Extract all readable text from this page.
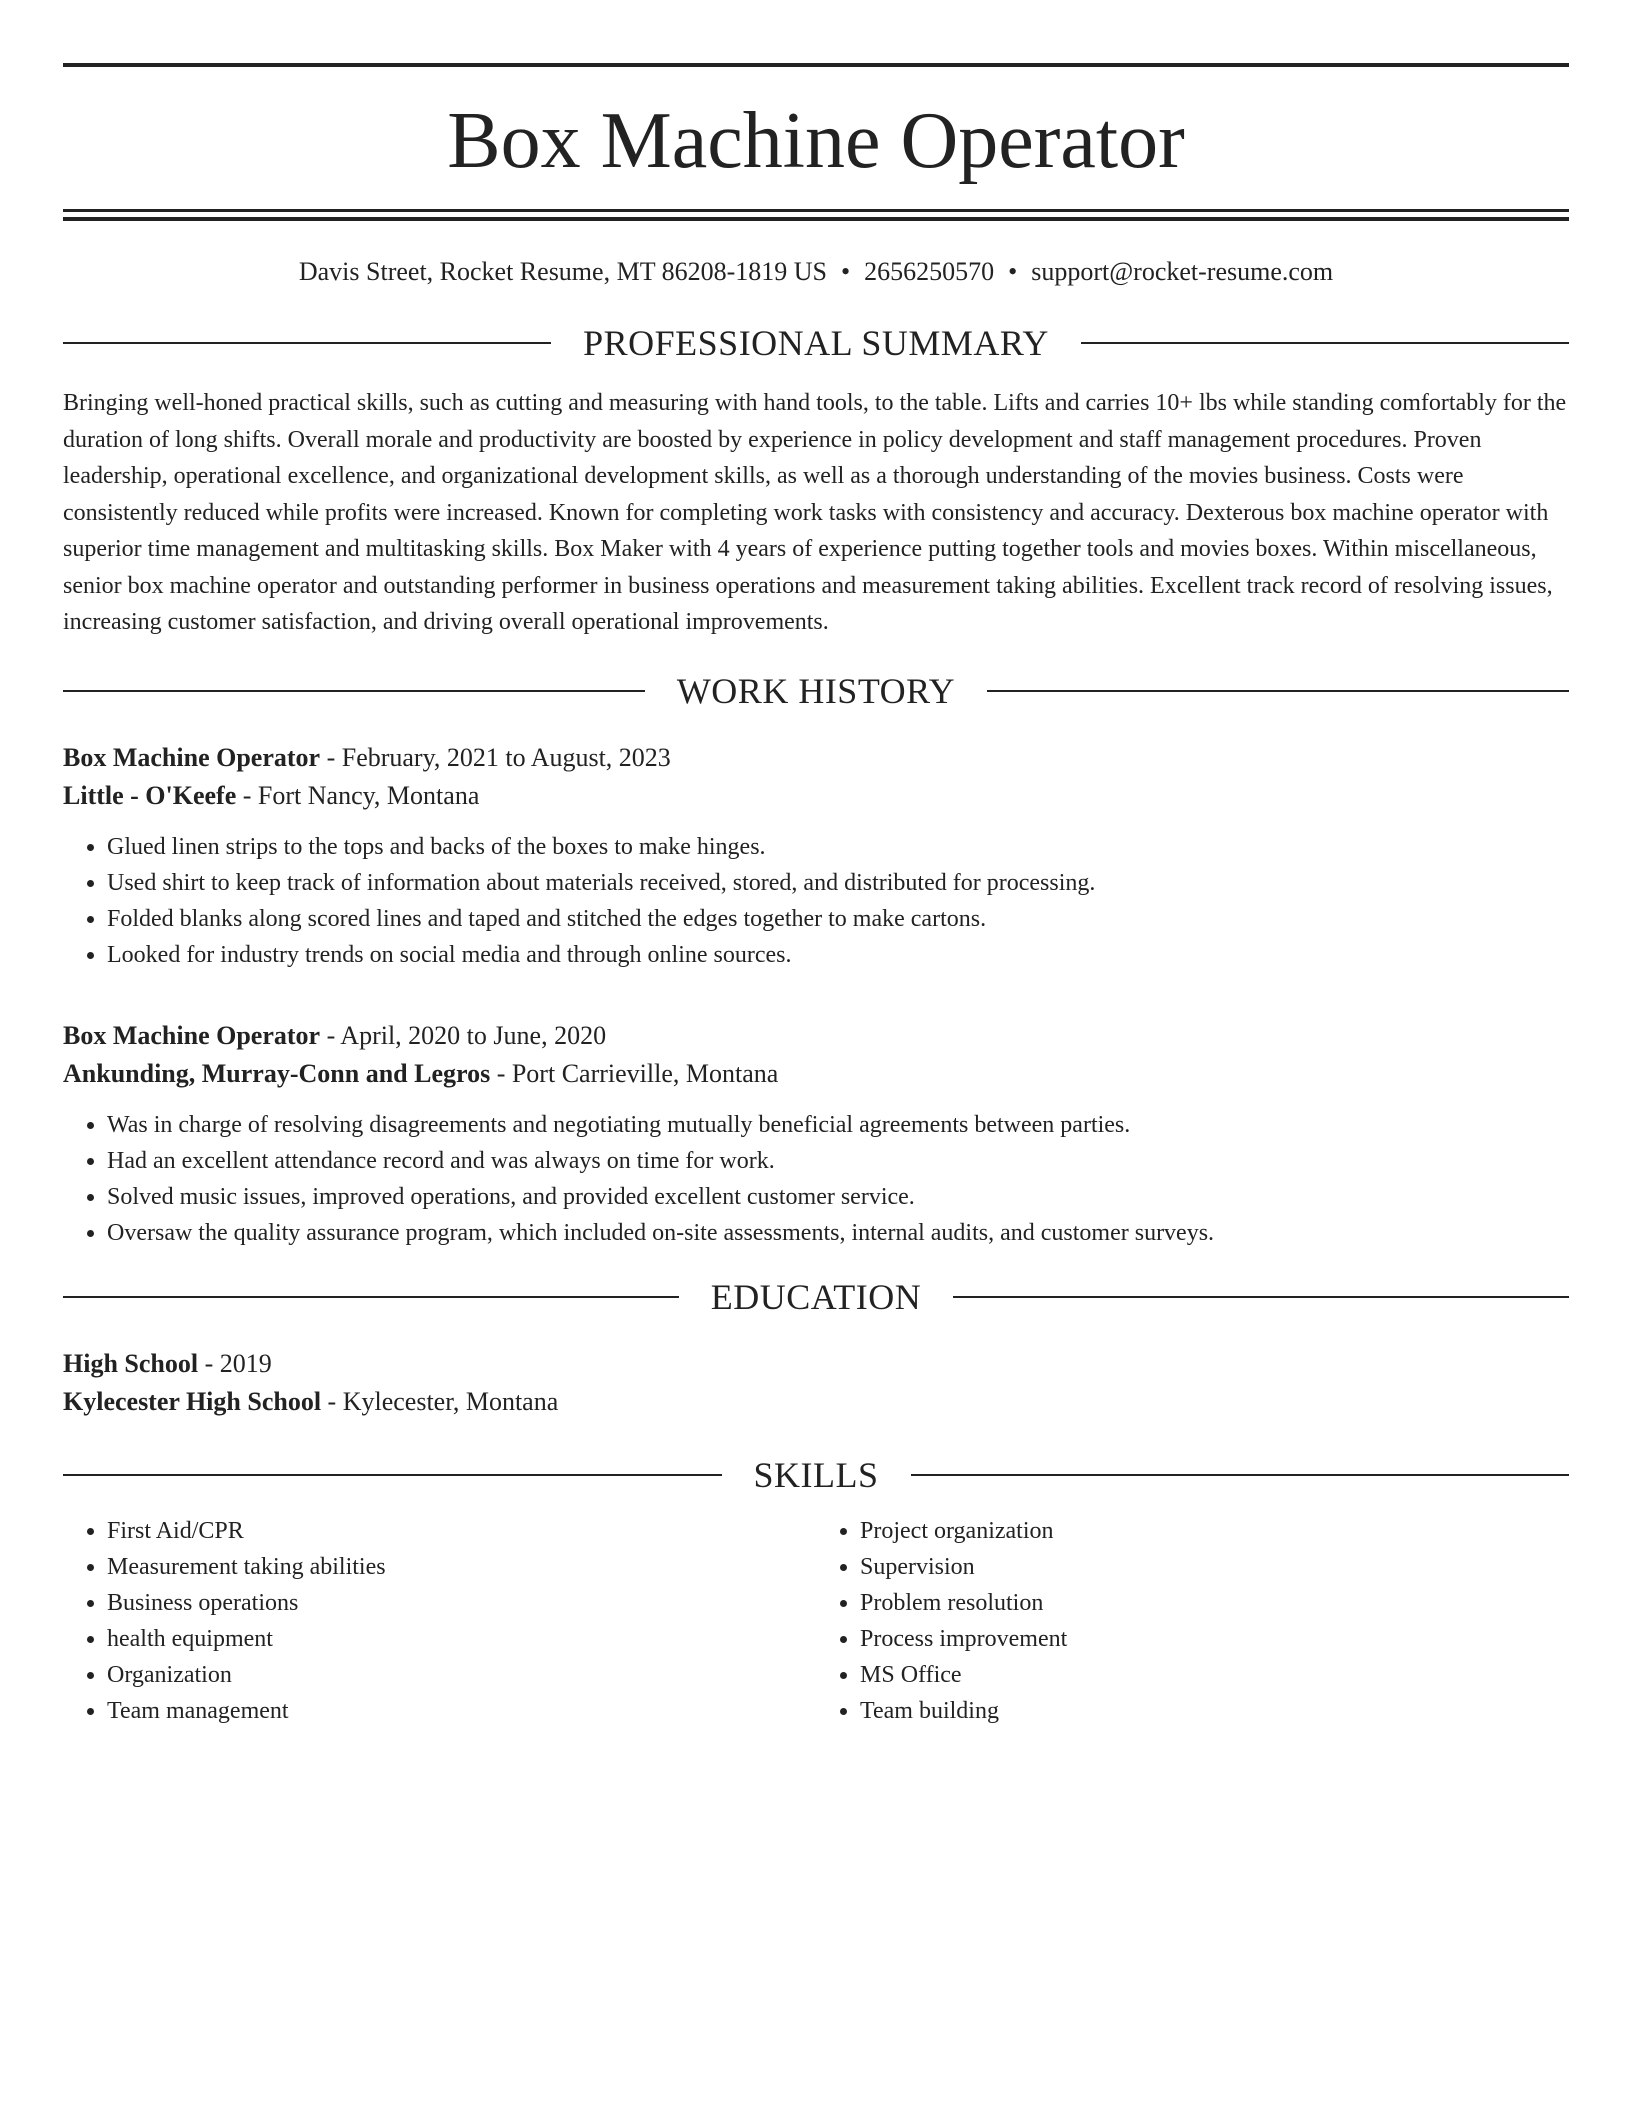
Box Machine Operator
Davis Street, Rocket Resume, MT 86208-1819 US • 2656250570 • support@rocket-resume.com
PROFESSIONAL SUMMARY

Bringing well-honed practical skills, such as cutting and measuring with hand tools, to the table. Lifts and carries 10+ lbs while standing comfortably for the duration of long shifts. Overall morale and productivity are boosted by experience in policy development and staff management procedures. Proven leadership, operational excellence, and organizational development skills, as well as a thorough understanding of the movies business. Costs were consistently reduced while profits were increased. Known for completing work tasks with consistency and accuracy. Dexterous box machine operator with superior time management and multitasking skills. Box Maker with 4 years of experience putting together tools and movies boxes. Within miscellaneous, senior box machine operator and outstanding performer in business operations and measurement taking abilities. Excellent track record of resolving issues, increasing customer satisfaction, and driving overall operational improvements.

WORK HISTORY
Box Machine Operator - February, 2021 to August, 2023
Little - O'Keefe - Fort Nancy, Montana
• Glued linen strips to the tops and backs of the boxes to make hinges.
• Used shirt to keep track of information about materials received, stored, and distributed for processing.
• Folded blanks along scored lines and taped and stitched the edges together to make cartons.
• Looked for industry trends on social media and through online sources.
Box Machine Operator - April, 2020 to June, 2020
Ankunding, Murray-Conn and Legros - Port Carrieville, Montana
• Was in charge of resolving disagreements and negotiating mutually beneficial agreements between parties.
• Had an excellent attendance record and was always on time for work.
• Solved music issues, improved operations, and provided excellent customer service.
• Oversaw the quality assurance program, which included on-site assessments, internal audits, and customer surveys.
EDUCATION
High School - 2019
Kylecester High School - Kylecester, Montana
SKILLS
• First Aid/CPR
• Measurement taking abilities
• Business operations
• health equipment
• Organization
• Team management
• Project organization
• Supervision
• Problem resolution
• Process improvement
• MS Office
• Team building
